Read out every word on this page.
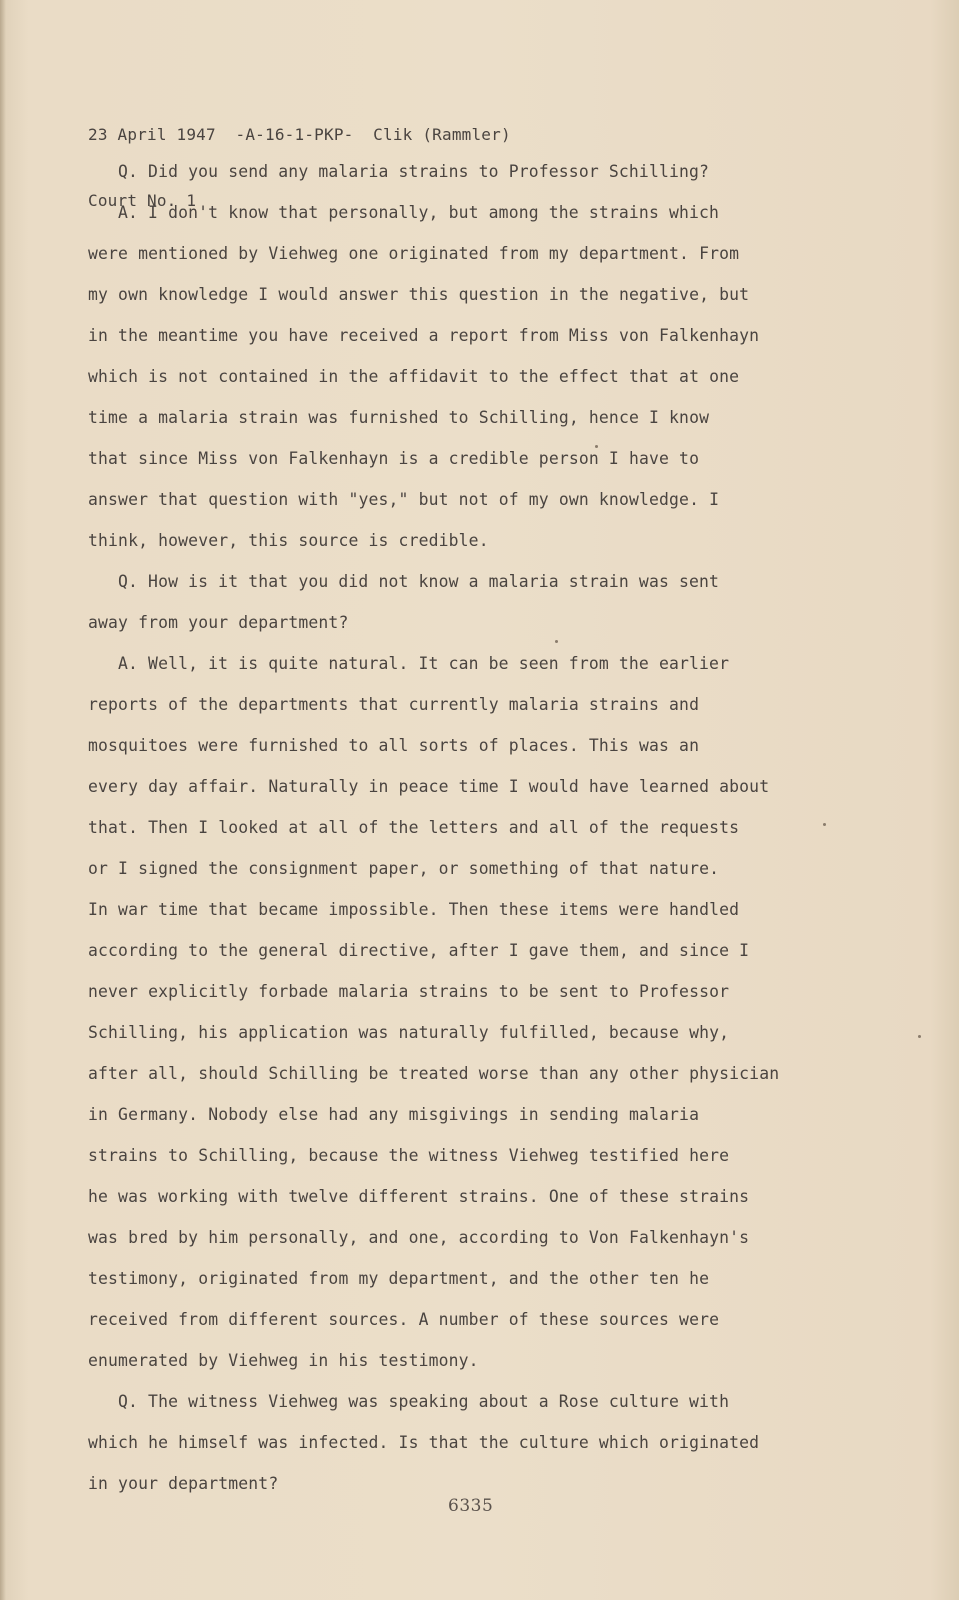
23 April 1947  -A-16-1-PKP-  Clik (Rammler)

Court No. 1

Q. Did you send any malaria strains to Professor Schilling?
A. I don't know that personally, but among the strains which
were mentioned by Viehweg one originated from my department. From
my own knowledge I would answer this question in the negative, but
in the meantime you have received a report from Miss von Falkenhayn
which is not contained in the affidavit to the effect that at one
time a malaria strain was furnished to Schilling, hence I know
that since Miss von Falkenhayn is a credible person I have to
answer that question with "yes," but not of my own knowledge. I
think, however, this source is credible.
Q. How is it that you did not know a malaria strain was sent
away from your department?
A. Well, it is quite natural. It can be seen from the earlier
reports of the departments that currently malaria strains and
mosquitoes were furnished to all sorts of places. This was an
every day affair. Naturally in peace time I would have learned about
that. Then I looked at all of the letters and all of the requests
or I signed the consignment paper, or something of that nature.
In war time that became impossible. Then these items were handled
according to the general directive, after I gave them, and since I
never explicitly forbade malaria strains to be sent to Professor
Schilling, his application was naturally fulfilled, because why,
after all, should Schilling be treated worse than any other physician
in Germany. Nobody else had any misgivings in sending malaria
strains to Schilling, because the witness Viehweg testified here
he was working with twelve different strains. One of these strains
was bred by him personally, and one, according to Von Falkenhayn's
testimony, originated from my department, and the other ten he
received from different sources. A number of these sources were
enumerated by Viehweg in his testimony.
Q. The witness Viehweg was speaking about a Rose culture with
which he himself was infected. Is that the culture which originated
in your department?
6335
